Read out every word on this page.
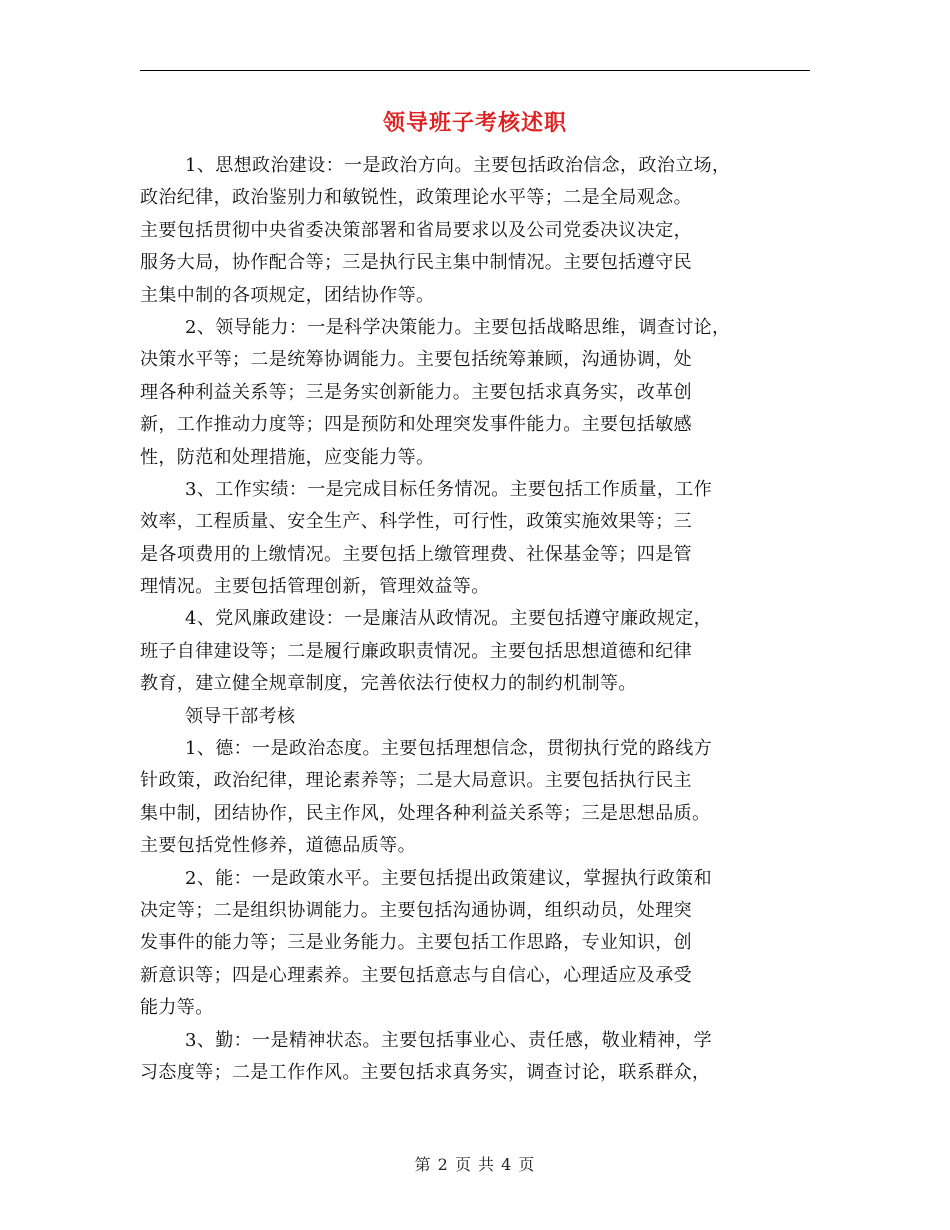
领导班子考核述职
1、思想政治建设：一是政治方向。主要包括政治信念，政治立场，
政治纪律，政治鉴别力和敏锐性，政策理论水平等；二是全局观念。
主要包括贯彻中央省委决策部署和省局要求以及公司党委决议决定，
服务大局，协作配合等；三是执行民主集中制情况。主要包括遵守民
主集中制的各项规定，团结协作等。
2、领导能力：一是科学决策能力。主要包括战略思维，调查讨论，
决策水平等；二是统筹协调能力。主要包括统筹兼顾，沟通协调，处
理各种利益关系等；三是务实创新能力。主要包括求真务实，改革创
新，工作推动力度等；四是预防和处理突发事件能力。主要包括敏感
性，防范和处理措施，应变能力等。
3、工作实绩：一是完成目标任务情况。主要包括工作质量，工作
效率，工程质量、安全生产、科学性，可行性，政策实施效果等；三
是各项费用的上缴情况。主要包括上缴管理费、社保基金等；四是管
理情况。主要包括管理创新，管理效益等。
4、党风廉政建设：一是廉洁从政情况。主要包括遵守廉政规定，
班子自律建设等；二是履行廉政职责情况。主要包括思想道德和纪律
教育，建立健全规章制度，完善依法行使权力的制约机制等。
领导干部考核
1、德：一是政治态度。主要包括理想信念，贯彻执行党的路线方
针政策，政治纪律，理论素养等；二是大局意识。主要包括执行民主
集中制，团结协作，民主作风，处理各种利益关系等；三是思想品质。
主要包括党性修养，道德品质等。
2、能：一是政策水平。主要包括提出政策建议，掌握执行政策和
决定等；二是组织协调能力。主要包括沟通协调，组织动员，处理突
发事件的能力等；三是业务能力。主要包括工作思路，专业知识，创
新意识等；四是心理素养。主要包括意志与自信心，心理适应及承受
能力等。
3、勤：一是精神状态。主要包括事业心、责任感，敬业精神，学
习态度等；二是工作作风。主要包括求真务实，调查讨论，联系群众，
第 2 页 共 4 页
